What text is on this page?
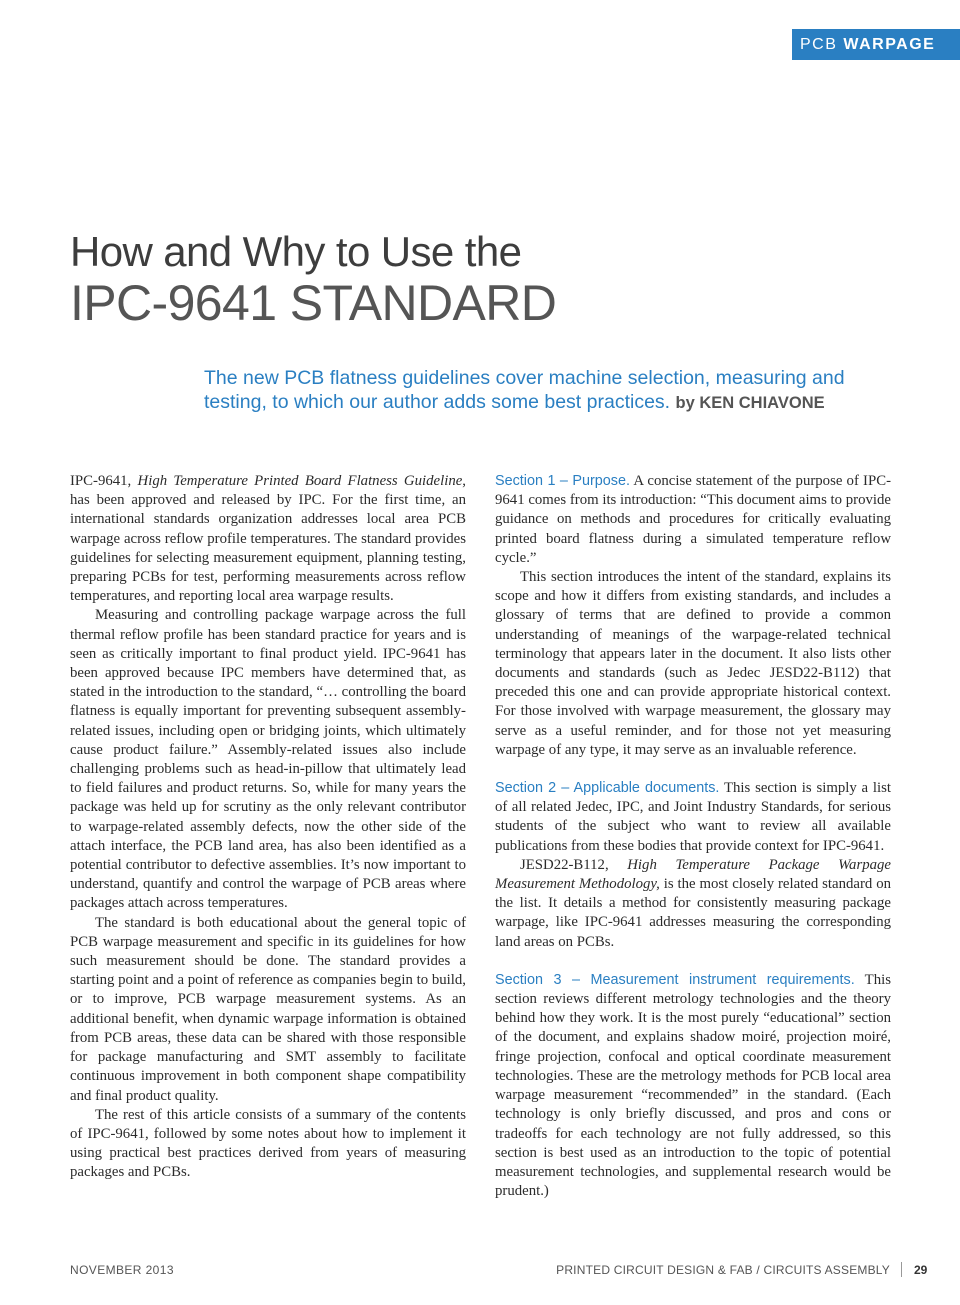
PCB WARPAGE
How and Why to Use the
IPC-9641 STANDARD
The new PCB flatness guidelines cover machine selection, measuring and testing, to which our author adds some best practices. by KEN CHIAVONE

IPC-9641, High Temperature Printed Board Flatness Guideline, has been approved and released by IPC. For the first time, an international standards organization addresses local area PCB warpage across reflow profile temperatures. The standard provides guidelines for selecting measurement equipment, planning testing, preparing PCBs for test, performing measurements across reflow temperatures, and reporting local area warpage results.

Measuring and controlling package warpage across the full thermal reflow profile has been standard practice for years and is seen as critically important to final product yield. IPC-9641 has been approved because IPC members have determined that, as stated in the introduction to the standard, “… controlling the board flatness is equally important for preventing subsequent assembly-related issues, including open or bridging joints, which ultimately cause product failure.” Assembly-related issues also include challenging problems such as head-in-pillow that ultimately lead to field failures and product returns. So, while for many years the package was held up for scrutiny as the only relevant contributor to warpage-related assembly defects, now the other side of the attach interface, the PCB land area, has also been identified as a potential contributor to defective assemblies. It’s now important to understand, quantify and control the warpage of PCB areas where packages attach across temperatures.

The standard is both educational about the general topic of PCB warpage measurement and specific in its guidelines for how such measurement should be done. The standard provides a starting point and a point of reference as companies begin to build, or to improve, PCB warpage measurement systems. As an additional benefit, when dynamic warpage information is obtained from PCB areas, these data can be shared with those responsible for package manufacturing and SMT assembly to facilitate continuous improvement in both component shape compatibility and final product quality.

The rest of this article consists of a summary of the contents of IPC-9641, followed by some notes about how to implement it using practical best practices derived from years of measuring packages and PCBs.

Section 1 – Purpose. A concise statement of the purpose of IPC-9641 comes from its introduction: “This document aims to provide guidance on methods and procedures for critically evaluating printed board flatness during a simulated temperature reflow cycle.”

This section introduces the intent of the standard, explains its scope and how it differs from existing standards, and includes a glossary of terms that are defined to provide a common understanding of meanings of the warpage-related technical terminology that appears later in the document. It also lists other documents and standards (such as Jedec JESD22-B112) that preceded this one and can provide appropriate historical context. For those involved with warpage measurement, the glossary may serve as a useful reminder, and for those not yet measuring warpage of any type, it may serve as an invaluable reference.

Section 2 – Applicable documents. This section is simply a list of all related Jedec, IPC, and Joint Industry Standards, for serious students of the subject who want to review all available publications from these bodies that provide context for IPC-9641.

JESD22-B112, High Temperature Package Warpage Measurement Methodology, is the most closely related standard on the list. It details a method for consistently measuring package warpage, like IPC-9641 addresses measuring the corresponding land areas on PCBs.

Section 3 – Measurement instrument requirements. This section reviews different metrology technologies and the theory behind how they work. It is the most purely “educational” section of the document, and explains shadow moiré, projection moiré, fringe projection, confocal and optical coordinate measurement technologies. These are the metrology methods for PCB local area warpage measurement “recommended” in the standard. (Each technology is only briefly discussed, and pros and cons or tradeoffs for each technology are not fully addressed, so this section is best used as an introduction to the topic of potential measurement technologies, and supplemental research would be prudent.)

NOVEMBER 2013	PRINTED CIRCUIT DESIGN & FAB / CIRCUITS ASSEMBLY 29
